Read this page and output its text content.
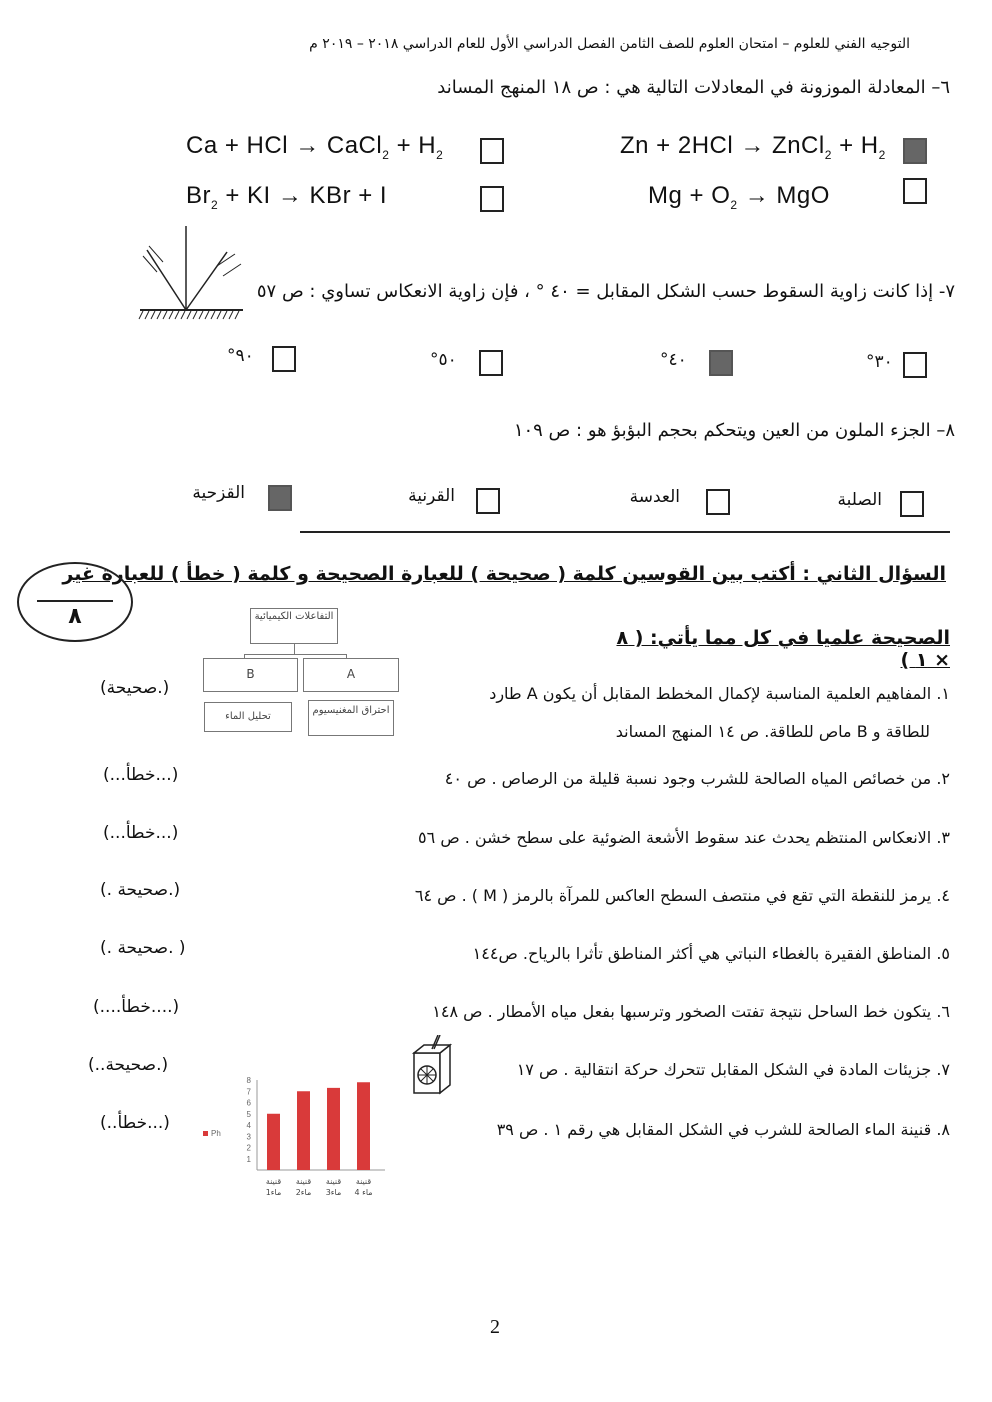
التوجيه الفني للعلوم – امتحان العلوم للصف الثامن الفصل الدراسي الأول للعام الدراسي ٢٠١٨ – ٢٠١٩ م
٦– المعادلة الموزونة في المعادلات التالية هي : ص ١٨ المنهج المساند
Zn + 2HCl → ZnCl$_2$ + $H_2$
Ca + HCl → CaCl$_2$ + $H_2$
$Mg + O_2$ → MgO
$Br_2$ + KI → KBr + I
٧- إذا كانت زاوية السقوط حسب الشكل المقابل = ٤٠ ° ، فإن زاوية الانعكاس تساوي : ص ٥٧
°٣٠
°٤٠
°٥٠
°٩٠
٨– الجزء الملون من العين ويتحكم بحجم البؤبؤ هو : ص ١٠٩
الصلبة
العدسة
القرنية
القزحية
السؤال الثاني : أكتب بين القوسين كلمة ( صحيحة ) للعبارة الصحيحة و كلمة ( خطأ ) للعبارة غير
الصحيحة علميا في كل مما يأتي: ( ٨ × ١ )
٨	التفاعلات الكيميائية
B	A
تحليل الماء
احتراق المغنيسيوم
١. المفاهيم العلمية المناسبة لإكمال المخطط المقابل أن يكون A طارد
للطاقة و B ماص للطاقة. ص ١٤ المنهج المساند
(.صحيحة)
٢. من خصائص المياه الصالحة للشرب وجود نسبة قليلة من الرصاص . ص ٤٠
(...خطأ...)
٣. الانعكاس المنتظم يحدث عند سقوط الأشعة الضوئية على سطح خشن . ص ٥٦
(...خطأ...)
٤. يرمز للنقطة التي تقع في منتصف السطح العاكس للمرآة بالرمز ( M ) . ص ٦٤
(.صحيحة .)
٥. المناطق الفقيرة بالغطاء النباتي هي أكثر المناطق تأثرا بالرياح. ص١٤٤
( .صحيحة .)
٦. يتكون خط الساحل نتيجة تفتت الصخور وترسبها بفعل مياه الأمطار . ص ١٤٨
(....خطأ....)
٧. جزيئات المادة في الشكل المقابل تتحرك حركة انتقالية . ص ١٧
(.صحيحة..)
٨. قنينة الماء الصالحة للشرب في الشكل المقابل هي رقم ١ . ص ٣٩
(...خطأ..)
Ph
1
2
3
4
5
6
7
8
قنينة 1ماء
قنينة 2ماء
قنينة 3ماء
قنينة 4 ماء
2
